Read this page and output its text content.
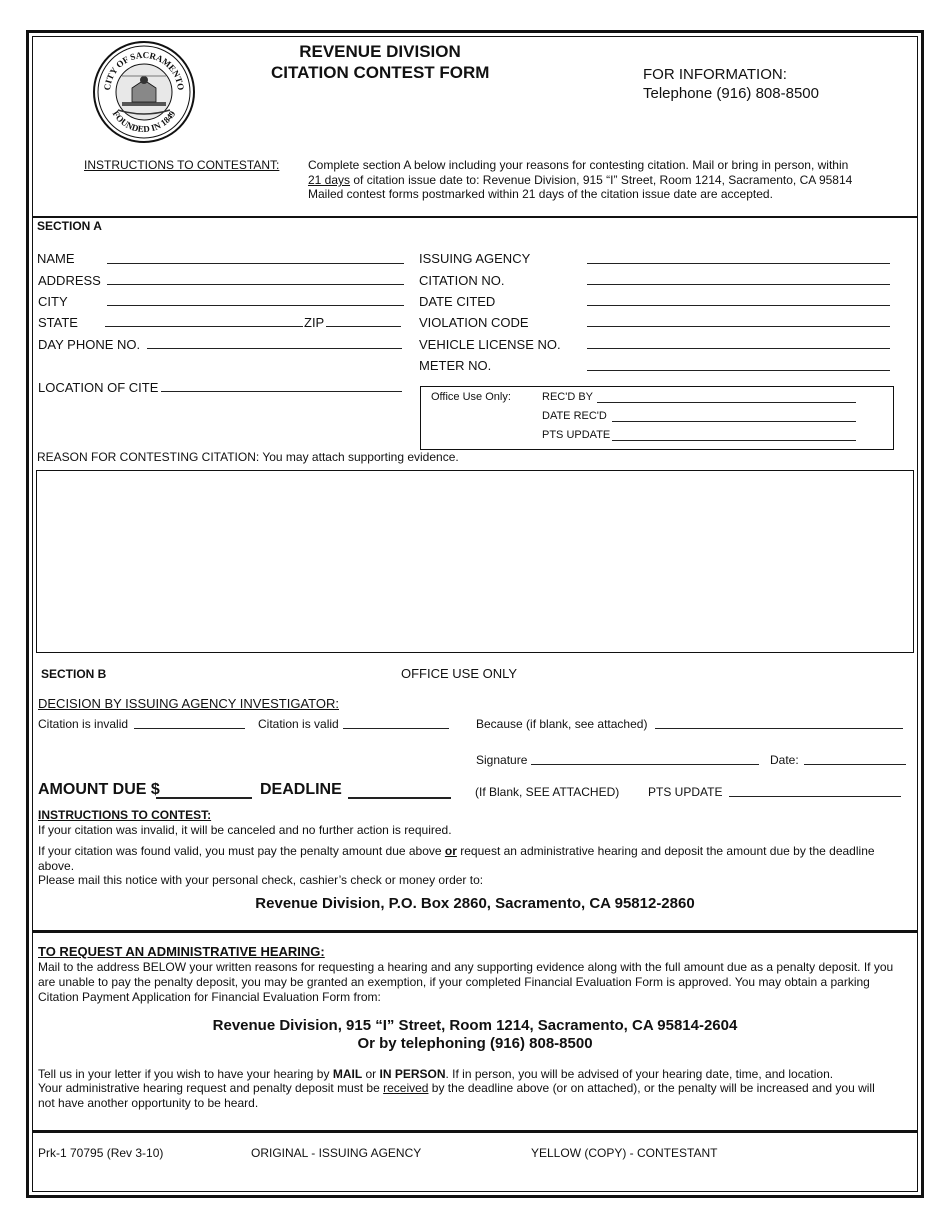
CITY OF SACRAMENTO
FOUNDED IN 1849
REVENUE DIVISION
CITATION CONTEST FORM	FOR INFORMATION:
Telephone (916) 808-8500
INSTRUCTIONS TO CONTESTANT: Complete section A below including your reasons for contesting citation. Mail or bring in person, within
21 days of citation issue date to: Revenue Division, 915 “I” Street, Room 1214, Sacramento, CA 95814
Mailed contest forms postmarked within 21 days of the citation issue date are accepted.
SECTION A
NAME
ADDRESS
CITY
STATE	ZIP
DAY PHONE NO.
LOCATION OF CITE
ISSUING AGENCY
CITATION NO.
DATE CITED
VIOLATION CODE
VEHICLE LICENSE NO.
METER NO.
Office Use Only:	REC'D BY
DATE REC'D
PTS UPDATE
REASON FOR CONTESTING CITATION: You may attach supporting evidence.
SECTION B	OFFICE USE ONLY
DECISION BY ISSUING AGENCY INVESTIGATOR:
Citation is invalid	Citation is valid	Because (if blank, see attached)
Signature	Date:
AMOUNT DUE $	DEADLINE	(If Blank, SEE ATTACHED) PTS UPDATE
INSTRUCTIONS TO CONTEST:
If your citation was invalid, it will be canceled and no further action is required.
If your citation was found valid, you must pay the penalty amount due above or request an administrative hearing and deposit the amount due by the deadline above.
Please mail this notice with your personal check, cashier’s check or money order to:
Revenue Division, P.O. Box 2860, Sacramento, CA 95812-2860
TO REQUEST AN ADMINISTRATIVE HEARING:
Mail to the address BELOW your written reasons for requesting a hearing and any supporting evidence along with the full amount due as a penalty deposit. If you are unable to pay the penalty deposit, you may be granted an exemption, if your completed Financial Evaluation Form is approved. You may obtain a parking Citation Payment Application for Financial Evaluation Form from:
Revenue Division, 915 “I” Street, Room 1214, Sacramento, CA 95814-2604
Or by telephoning (916) 808-8500
Tell us in your letter if you wish to have your hearing by MAIL or IN PERSON. If in person, you will be advised of your hearing date, time, and location.
Your administrative hearing request and penalty deposit must be received by the deadline above (or on attached), or the penalty will be increased and you will not have another opportunity to be heard.
Prk-1 70795 (Rev 3-10)	ORIGINAL - ISSUING AGENCY	YELLOW (COPY) - CONTESTANT
